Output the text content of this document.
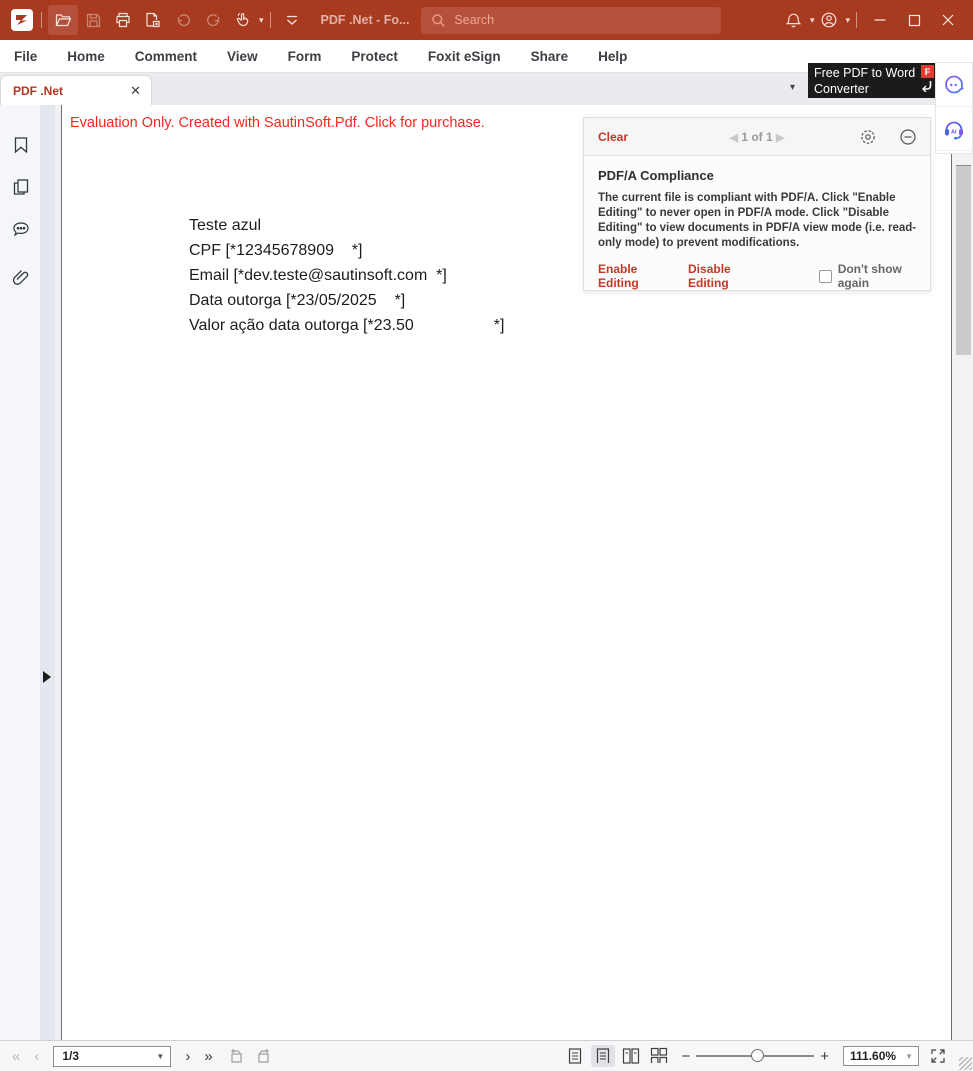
▾	PDF .Net - Fo...	Search	▾	▾
File	Home	Comment	View	Form	Protect	Foxit eSign	Share	Help
PDF .Net	✕	▾
Free PDF to Word
Converter
F
AI
Evaluation Only. Created with SautinSoft.Pdf. Click for purchase.
Teste azul
CPF [*12345678909    *]
Email [*dev.teste@sautinsoft.com  *]
Data outorga [*23/05/2025    *]
Valor ação data outorga [*23.50                  *]
Clear	◀ 1 of 1 ▶
PDF/A Compliance
The current file is compliant with PDF/A. Click "Enable Editing" to never open in PDF/A mode. Click "Disable Editing" to view documents in PDF/A view mode (i.e. read-only mode) to prevent modifications.
Enable Editing
Disable Editing
Don't show again
« ‹ 1/3	▼ › »	−	+ 111.60% ▼
